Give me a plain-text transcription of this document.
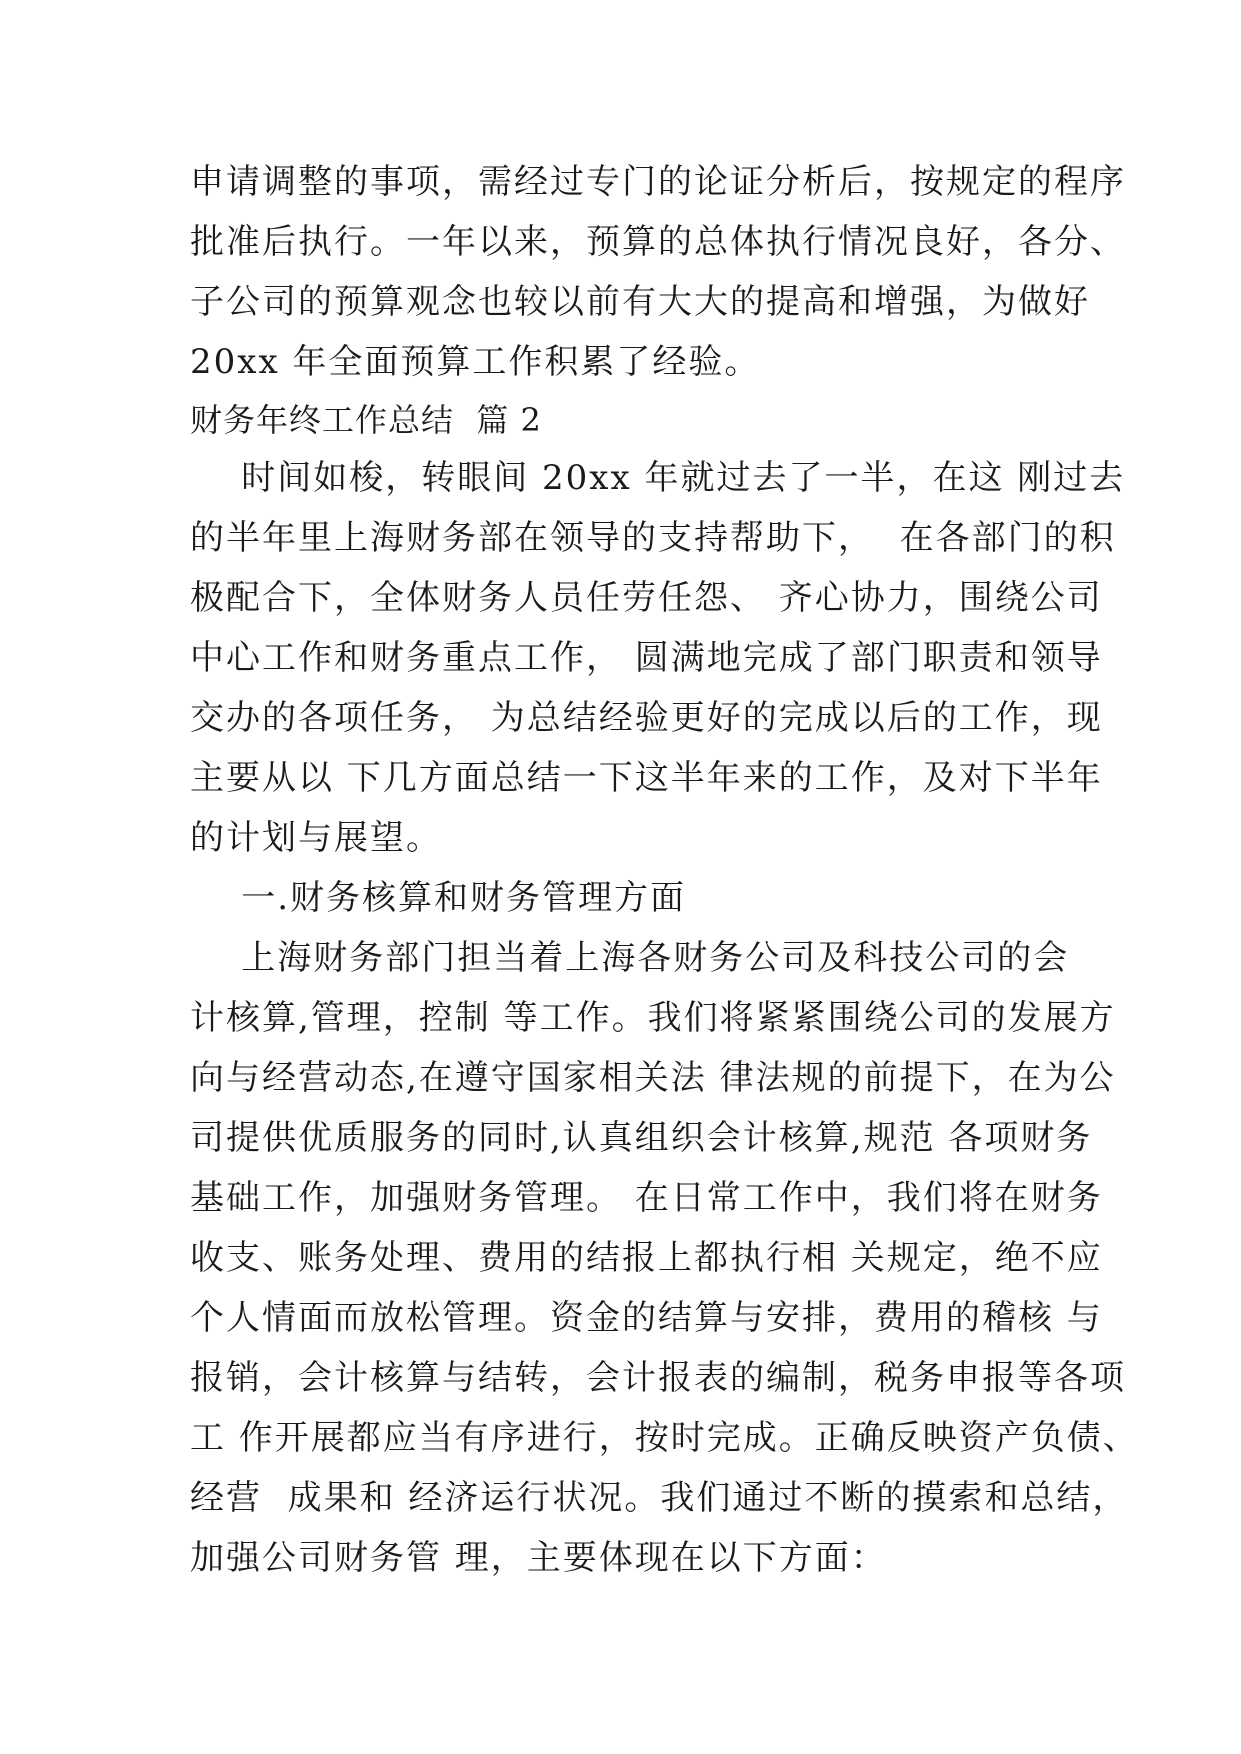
申请调整的事项，需经过专门的论证分析后，按规定的程序
批准后执行。一年以来，预算的总体执行情况良好，各分、
子公司的预算观念也较以前有大大的提高和增强，为做好
20xx 年全面预算工作积累了经验。
财务年终工作总结  篇 2
时间如梭，转眼间 20xx 年就过去了一半，在这 刚过去
的半年里上海财务部在领导的支持帮助下，  在各部门的积
极配合下，全体财务人员任劳任怨、 齐心协力，围绕公司
中心工作和财务重点工作， 圆满地完成了部门职责和领导
交办的各项任务， 为总结经验更好的完成以后的工作，现
主要从以 下几方面总结一下这半年来的工作，及对下半年
的计划与展望。
一.财务核算和财务管理方面
上海财务部门担当着上海各财务公司及科技公司的会
计核算,管理，控制 等工作。我们将紧紧围绕公司的发展方
向与经营动态,在遵守国家相关法 律法规的前提下，在为公
司提供优质服务的同时,认真组织会计核算,规范 各项财务
基础工作，加强财务管理。 在日常工作中，我们将在财务
收支、账务处理、费用的结报上都执行相 关规定，绝不应
个人情面而放松管理。资金的结算与安排，费用的稽核 与
报销，会计核算与结转，会计报表的编制，税务申报等各项
工 作开展都应当有序进行，按时完成。正确反映资产负债、
经营  成果和 经济运行状况。我们通过不断的摸索和总结，
加强公司财务管 理，主要体现在以下方面：
